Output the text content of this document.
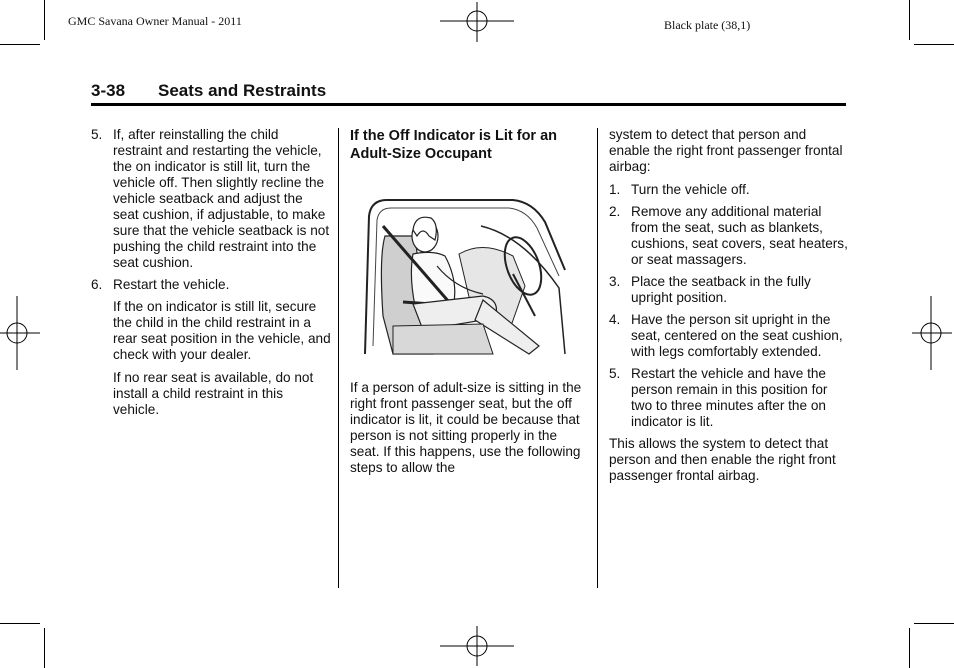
GMC Savana Owner Manual - 2011	Black plate (38,1)
3-38 Seats and Restraints
5. If, after reinstalling the child restraint and restarting the vehicle, the on indicator is still lit, turn the vehicle off. Then slightly recline the vehicle seatback and adjust the seat cushion, if adjustable, to make sure that the vehicle seatback is not pushing the child restraint into the seat cushion.
6. Restart the vehicle.

If the on indicator is still lit, secure the child in the child restraint in a rear seat position in the vehicle, and check with your dealer.

If no rear seat is available, do not install a child restraint in this vehicle.

If the Off Indicator is Lit for an Adult-Size Occupant

If a person of adult-size is sitting in the right front passenger seat, but the off indicator is lit, it could be because that person is not sitting properly in the seat. If this happens, use the following steps to allow the

system to detect that person and enable the right front passenger frontal airbag:

1. Turn the vehicle off.
2. Remove any additional material from the seat, such as blankets, cushions, seat covers, seat heaters, or seat massagers.
3. Place the seatback in the fully upright position.
4. Have the person sit upright in the seat, centered on the seat cushion, with legs comfortably extended.
5. Restart the vehicle and have the person remain in this position for two to three minutes after the on indicator is lit.

This allows the system to detect that person and then enable the right front passenger frontal airbag.
